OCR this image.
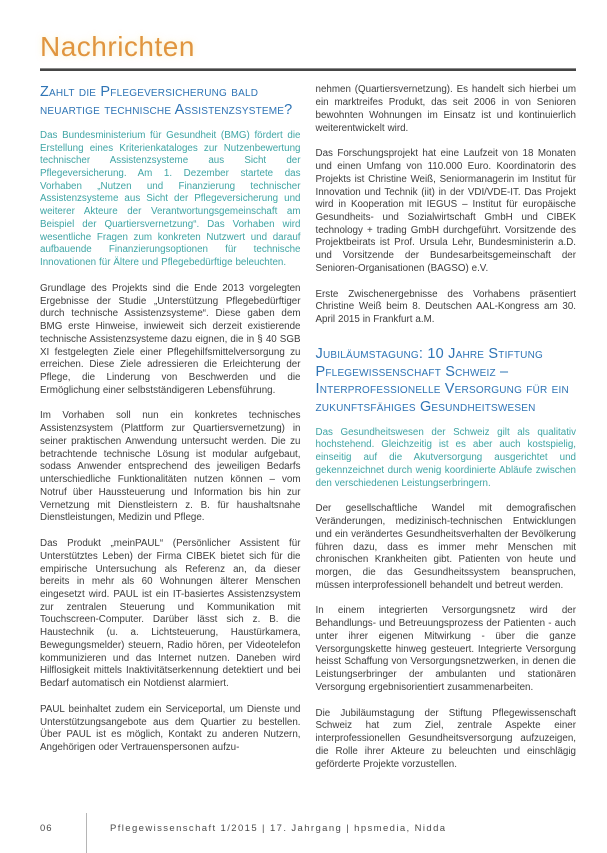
Nachrichten
Zahlt die Pflegeversicherung bald neuartige technische Assistenzsysteme?

Das Bundesministerium für Gesundheit (BMG) fördert die Erstellung eines Kriterienkataloges zur Nutzenbewertung technischer Assistenzsysteme aus Sicht der Pflegeversicherung. Am 1. Dezember startete das Vorhaben „Nutzen und Finanzierung technischer Assistenzsysteme aus Sicht der Pflegeversicherung und weiterer Akteure der Verantwortungsgemeinschaft am Beispiel der Quartiersvernetzung“. Das Vorhaben wird wesentliche Fragen zum konkreten Nutzwert und darauf aufbauende Finanzierungsoptionen für technische Innovationen für Ältere und Pflegebedürftige beleuchten.

Grundlage des Projekts sind die Ende 2013 vorgelegten Ergebnisse der Studie „Unterstützung Pflegebedürftiger durch technische Assistenzsysteme“. Diese gaben dem BMG erste Hinweise, inwieweit sich derzeit existierende technische Assistenzsysteme dazu eignen, die in § 40 SGB XI festgelegten Ziele einer Pflegehilfsmittelversorgung zu erreichen. Diese Ziele adressieren die Erleichterung der Pflege, die Linderung von Beschwerden und die Ermöglichung einer selbstständigeren Lebensführung.

Im Vorhaben soll nun ein konkretes technisches Assistenzsystem (Plattform zur Quartiersvernetzung) in seiner praktischen Anwendung untersucht werden. Die zu betrachtende technische Lösung ist modular aufgebaut, sodass Anwender entsprechend des jeweiligen Bedarfs unterschiedliche Funktionalitäten nutzen können – vom Notruf über Haussteuerung und Information bis hin zur Vernetzung mit Dienstleistern z. B. für haushaltsnahe Dienstleistungen, Medizin und Pflege.

Das Produkt „meinPAUL“ (Persönlicher Assistent für Unterstütztes Leben) der Firma CIBEK bietet sich für die empirische Untersuchung als Referenz an, da dieser bereits in mehr als 60 Wohnungen älterer Menschen eingesetzt wird. PAUL ist ein IT-basiertes Assistenzsystem zur zentralen Steuerung und Kommunikation mit Touchscreen-Computer. Darüber lässt sich z. B. die Haustechnik (u. a. Lichtsteuerung, Haustürkamera, Bewegungsmelder) steuern, Radio hören, per Videotelefon kommunizieren und das Internet nutzen. Daneben wird Hilflosigkeit mittels Inaktivitätserkennung detektiert und bei Bedarf automatisch ein Notdienst alarmiert.

PAUL beinhaltet zudem ein Serviceportal, um Dienste und Unterstützungsangebote aus dem Quartier zu bestellen. Über PAUL ist es möglich, Kontakt zu anderen Nutzern, Angehörigen oder Vertrauenspersonen aufzu-

nehmen (Quartiersvernetzung). Es handelt sich hierbei um ein marktreifes Produkt, das seit 2006 in von Senioren bewohnten Wohnungen im Einsatz ist und kontinuierlich weiterentwickelt wird.

Das Forschungsprojekt hat eine Laufzeit von 18 Monaten und einen Umfang von 110.000 Euro. Koordinatorin des Projekts ist Christine Weiß, Seniormanagerin im Institut für Innovation und Technik (iit) in der VDI/VDE-IT. Das Projekt wird in Kooperation mit IEGUS – Institut für europäische Gesundheits- und Sozialwirtschaft GmbH und CIBEK technology + trading GmbH durchgeführt. Vorsitzende des Projektbeirats ist Prof. Ursula Lehr, Bundesministerin a.D. und Vorsitzende der Bundesarbeitsgemeinschaft der Senioren-Organisationen (BAGSO) e.V.

Erste Zwischenergebnisse des Vorhabens präsentiert Christine Weiß beim 8. Deutschen AAL-Kongress am 30. April 2015 in Frankfurt a.M.

Jubiläumstagung: 10 Jahre Stiftung Pflegewissenschaft Schweiz – Interprofessionelle Versorgung für ein zukunftsfähiges Gesundheitswesen

Das Gesundheitswesen der Schweiz gilt als qualitativ hochstehend. Gleichzeitig ist es aber auch kostspielig, einseitig auf die Akutversorgung ausgerichtet und gekennzeichnet durch wenig koordinierte Abläufe zwischen den verschiedenen Leistungserbringern.

Der gesellschaftliche Wandel mit demografischen Veränderungen, medizinisch-technischen Entwicklungen und ein verändertes Gesundheitsverhalten der Bevölkerung führen dazu, dass es immer mehr Menschen mit chronischen Krankheiten gibt. Patienten von heute und morgen, die das Gesundheitssystem beanspruchen, müssen interprofessionell behandelt und betreut werden.

In einem integrierten Versorgungsnetz wird der Behandlungs- und Betreuungsprozess der Patienten - auch unter ihrer eigenen Mitwirkung - über die ganze Versorgungskette hinweg gesteuert. Integrierte Versorgung heisst Schaffung von Versorgungsnetzwerken, in denen die Leistungserbringer der ambulanten und stationären Versorgung ergebnisorientiert zusammenarbeiten.

Die Jubiläumstagung der Stiftung Pflegewissenschaft Schweiz hat zum Ziel, zentrale Aspekte einer interprofessionellen Gesundheitsversorgung aufzuzeigen, die Rolle ihrer Akteure zu beleuchten und einschlägig geförderte Projekte vorzustellen.

06	Pflegewissenschaft 1/2015 | 17. Jahrgang | hpsmedia, Nidda
